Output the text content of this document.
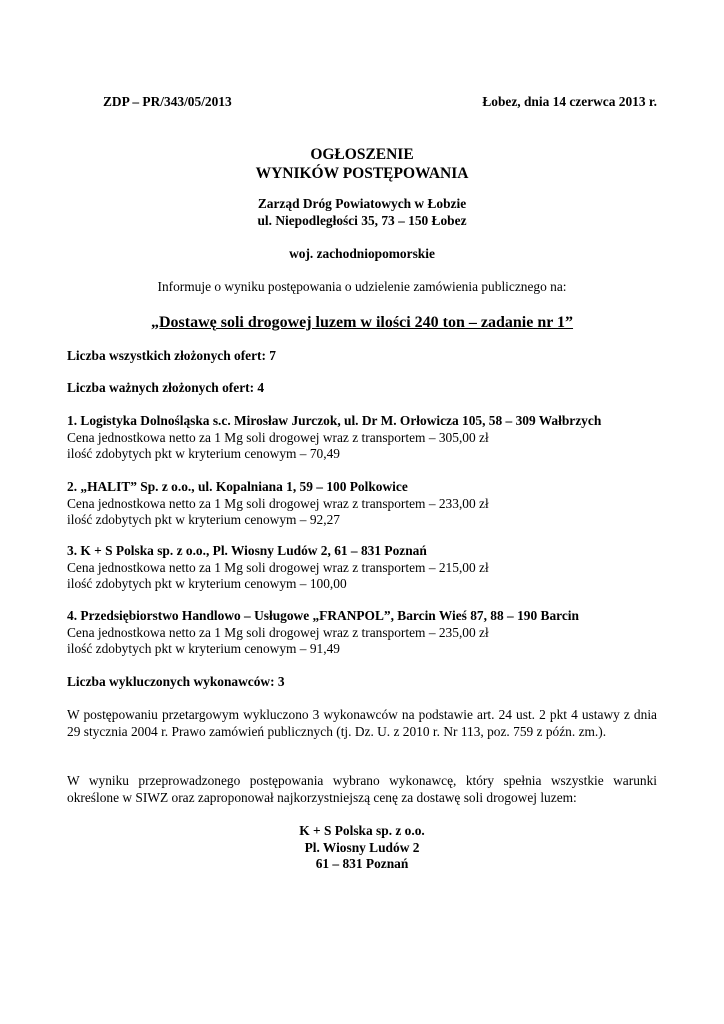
ZDP – PR/343/05/2013	Łobez, dnia 14 czerwca 2013 r.
OGŁOSZENIE
WYNIKÓW POSTĘPOWANIA
Zarząd Dróg Powiatowych w Łobzie
ul. Niepodległości 35, 73 – 150 Łobez
woj. zachodniopomorskie
Informuje o wyniku postępowania o udzielenie zamówienia publicznego na:
„Dostawę soli drogowej luzem w ilości 240 ton – zadanie nr 1”
Liczba wszystkich złożonych ofert: 7
Liczba ważnych złożonych ofert: 4
1. Logistyka Dolnośląska s.c. Mirosław Jurczok, ul. Dr M. Orłowicza 105, 58 – 309 Wałbrzych
Cena jednostkowa netto za 1 Mg soli drogowej wraz z transportem – 305,00 zł
ilość zdobytych pkt w kryterium cenowym – 70,49
2. „HALIT” Sp. z o.o., ul. Kopalniana 1, 59 – 100 Polkowice
Cena jednostkowa netto za 1 Mg soli drogowej wraz z transportem – 233,00 zł
ilość zdobytych pkt w kryterium cenowym – 92,27
3. K + S Polska sp. z o.o., Pl. Wiosny Ludów 2, 61 – 831 Poznań
Cena jednostkowa netto za 1 Mg soli drogowej wraz z transportem – 215,00 zł
ilość zdobytych pkt w kryterium cenowym – 100,00
4. Przedsiębiorstwo Handlowo – Usługowe „FRANPOL”, Barcin Wieś 87, 88 – 190 Barcin
Cena jednostkowa netto za 1 Mg soli drogowej wraz z transportem – 235,00 zł
ilość zdobytych pkt w kryterium cenowym – 91,49
Liczba wykluczonych wykonawców: 3
W postępowaniu przetargowym wykluczono 3 wykonawców na podstawie art. 24 ust. 2 pkt 4 ustawy z dnia 29 stycznia 2004 r. Prawo zamówień publicznych (tj. Dz. U. z 2010 r. Nr 113, poz. 759 z późn. zm.).
W wyniku przeprowadzonego postępowania wybrano wykonawcę, który spełnia wszystkie warunki określone w SIWZ oraz zaproponował najkorzystniejszą cenę za dostawę soli drogowej luzem:
K + S Polska sp. z o.o.
Pl. Wiosny Ludów 2
61 – 831 Poznań
